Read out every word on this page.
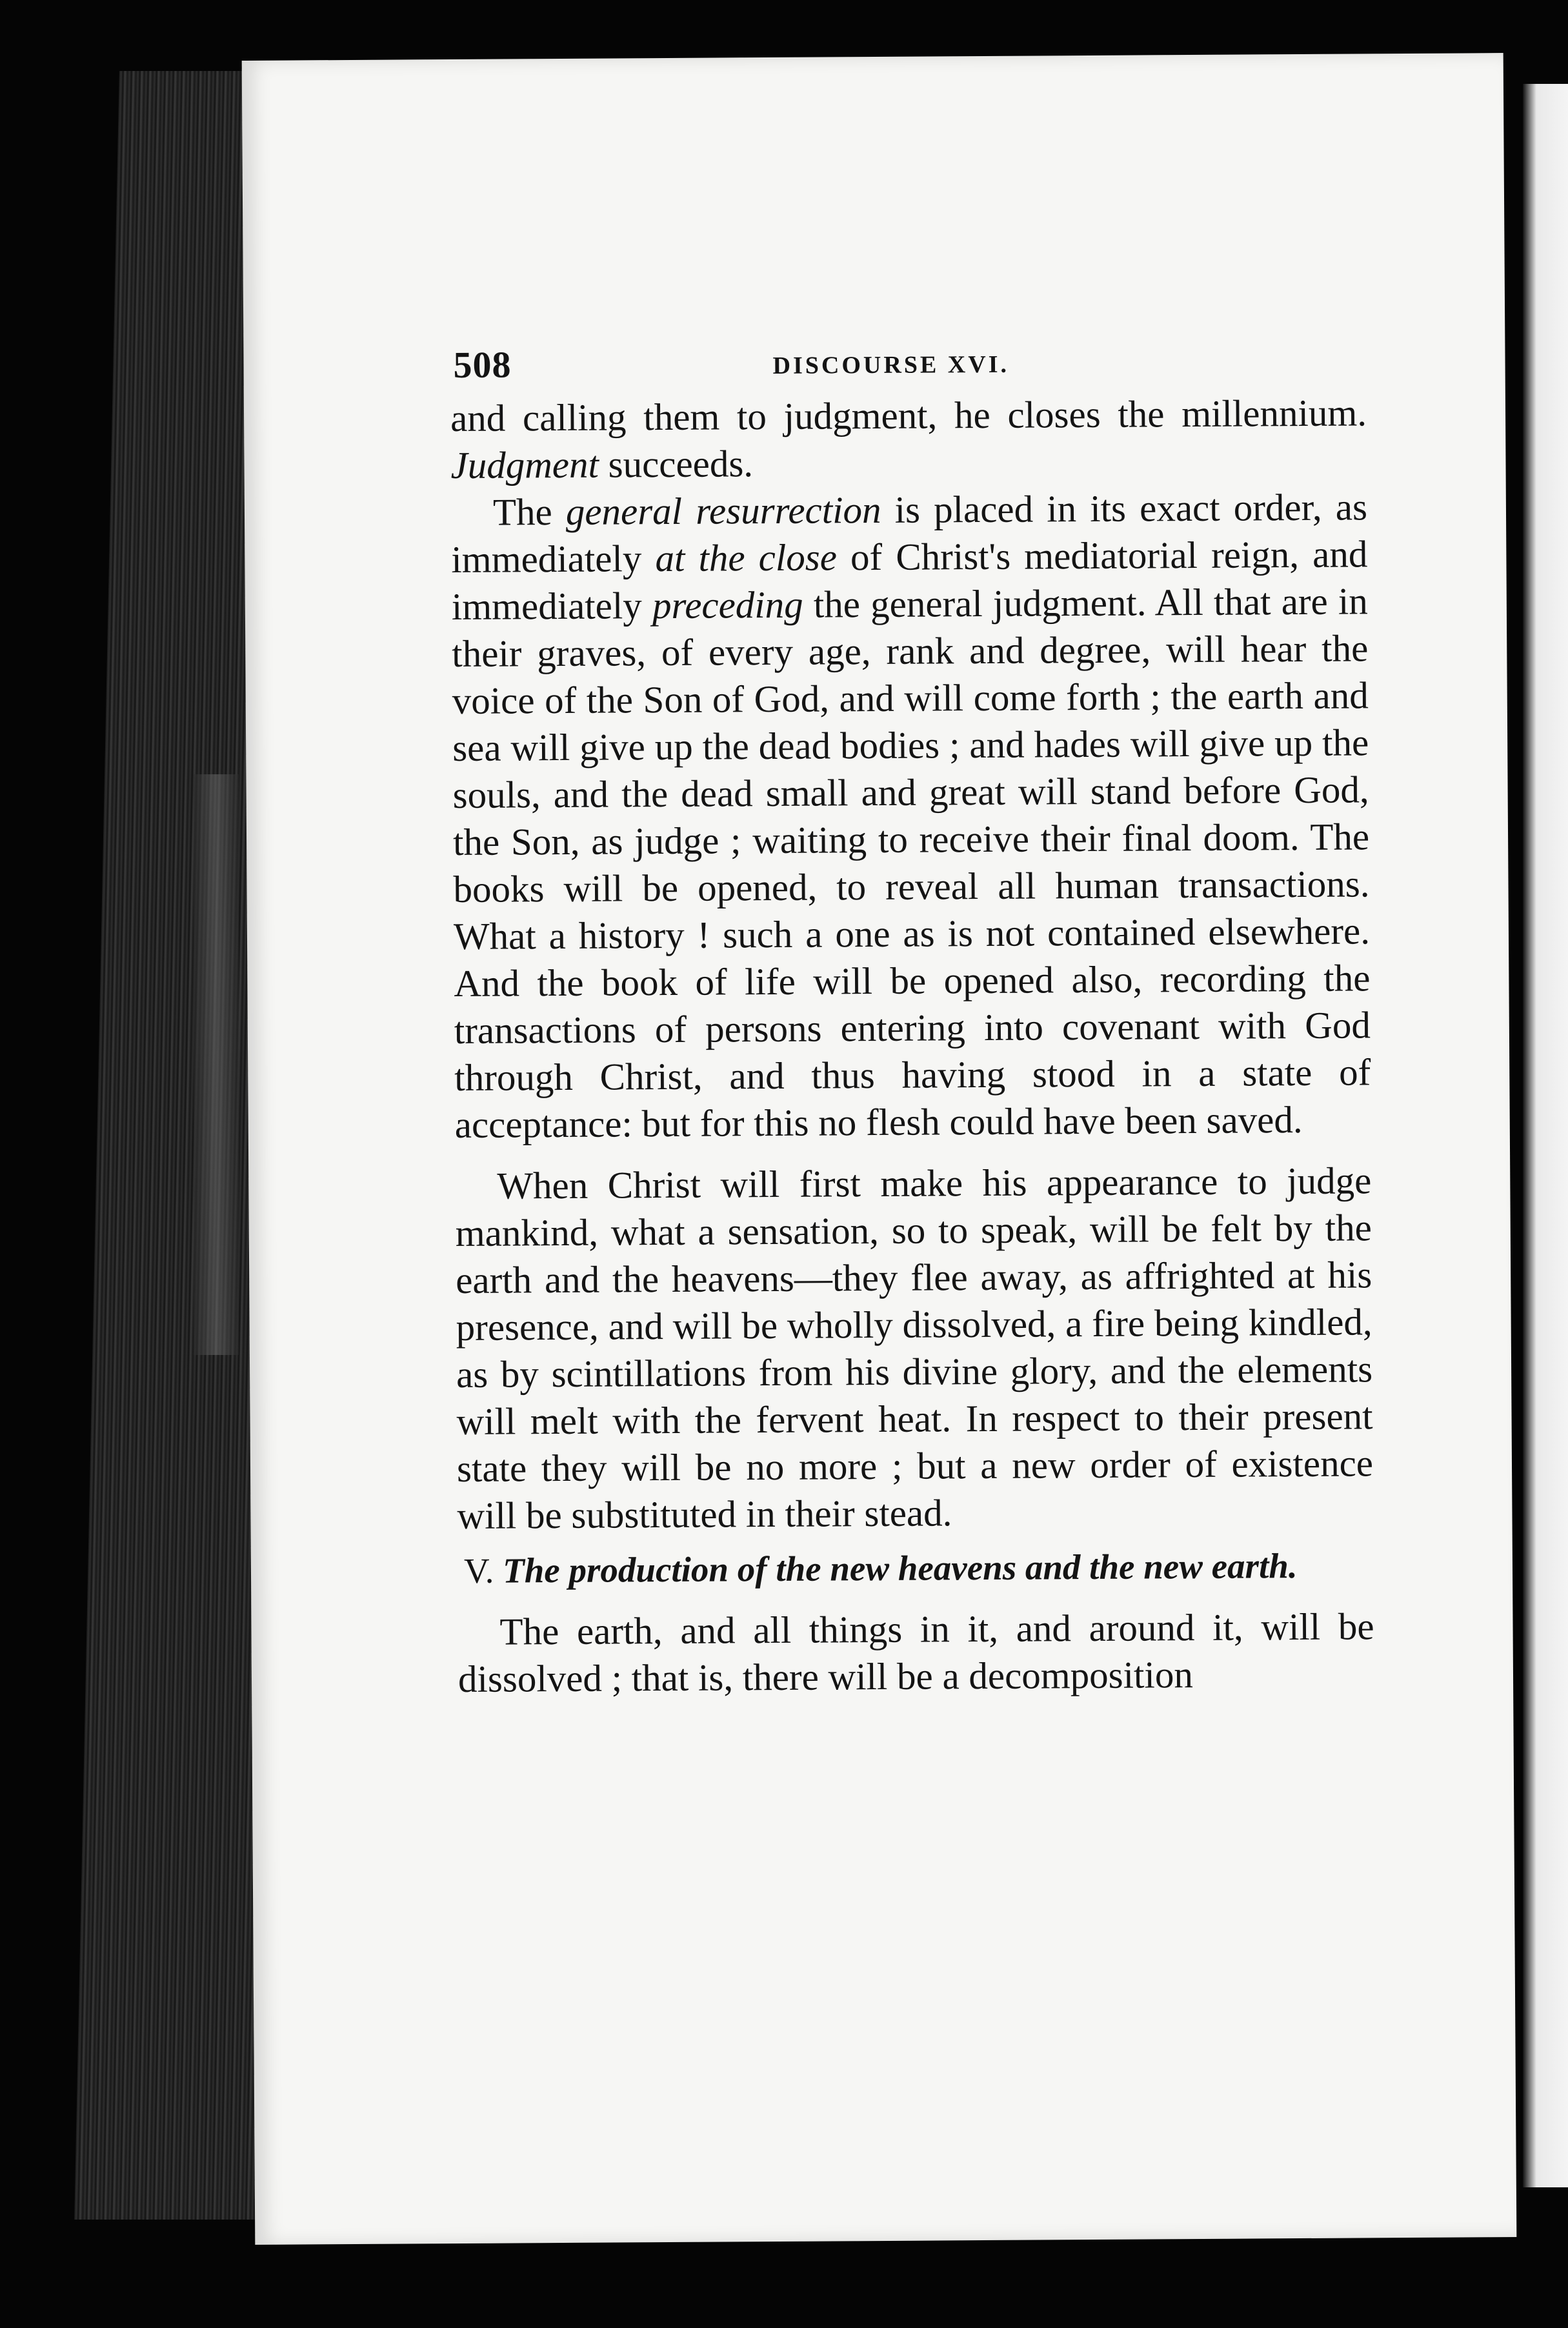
508	DISCOURSE XVI.

and calling them to judgment, he closes the millennium. Judgment succeeds.

The general resurrection is placed in its exact order, as immediately at the close of Christ's mediatorial reign, and immediately preceding the general judgment. All that are in their graves, of every age, rank and degree, will hear the voice of the Son of God, and will come forth ; the earth and sea will give up the dead bodies ; and hades will give up the souls, and the dead small and great will stand before God, the Son, as judge ; waiting to receive their final doom. The books will be opened, to reveal all human transactions. What a history ! such a one as is not contained elsewhere. And the book of life will be opened also, recording the transactions of persons entering into covenant with God through Christ, and thus having stood in a state of acceptance: but for this no flesh could have been saved.

When Christ will first make his appearance to judge mankind, what a sensation, so to speak, will be felt by the earth and the heavens—they flee away, as affrighted at his presence, and will be wholly dissolved, a fire being kindled, as by scintillations from his divine glory, and the elements will melt with the fervent heat. In respect to their present state they will be no more ; but a new order of existence will be substituted in their stead.

V. The production of the new heavens and the new earth.

The earth, and all things in it, and around it, will be dissolved ; that is, there will be a decomposition
